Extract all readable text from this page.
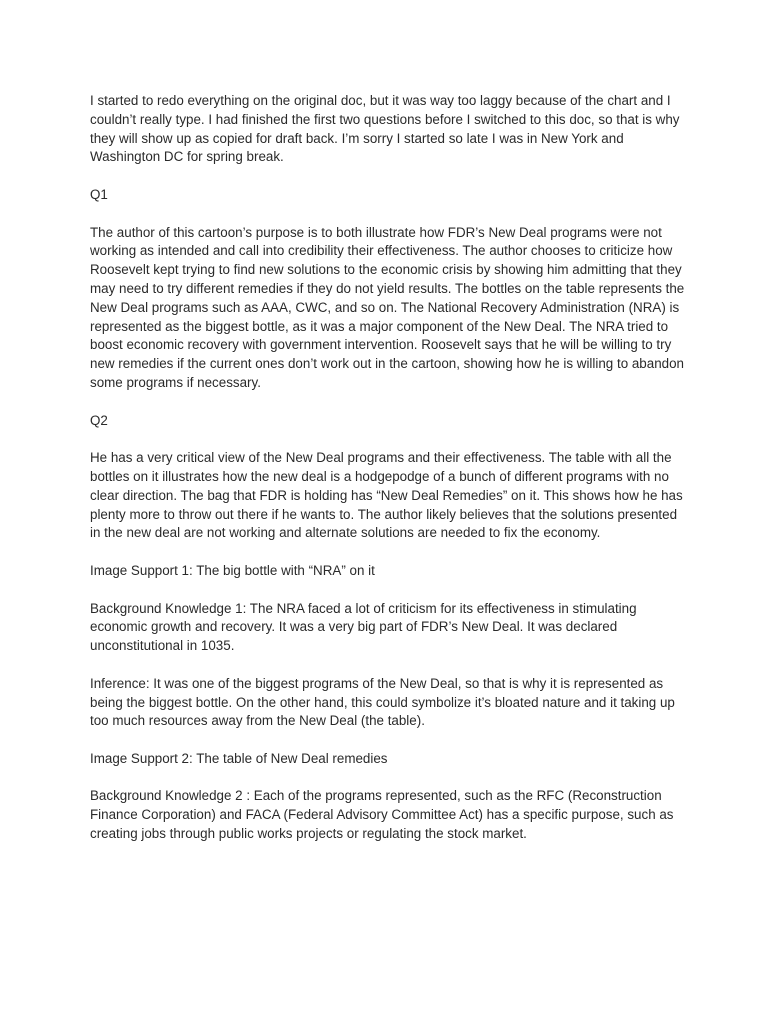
I started to redo everything on the original doc, but it was way too laggy because of the chart and I couldn’t really type. I had finished the first two questions before I switched to this doc, so that is why they will show up as copied for draft back. I’m sorry I started so late I was in New York and Washington DC for spring break.

Q1

The author of this cartoon’s purpose is to both illustrate how FDR’s New Deal programs were not working as intended and call into credibility their effectiveness. The author chooses to criticize how Roosevelt kept trying to find new solutions to the economic crisis by showing him admitting that they may need to try different remedies if they do not yield results. The bottles on the table represents the New Deal programs such as AAA, CWC, and so on. The National Recovery Administration (NRA) is represented as the biggest bottle, as it was a major component of the New Deal. The NRA tried to boost economic recovery with government intervention. Roosevelt says that he will be willing to try new remedies if the current ones don’t work out in the cartoon, showing how he is willing to abandon some programs if necessary.

Q2

He has a very critical view of the New Deal programs and their effectiveness. The table with all the bottles on it illustrates how the new deal is a hodgepodge of a bunch of different programs with no clear direction. The bag that FDR is holding has “New Deal Remedies” on it. This shows how he has plenty more to throw out there if he wants to. The author likely believes that the solutions presented in the new deal are not working and alternate solutions are needed to fix the economy.

Image Support 1: The big bottle with “NRA” on it

Background Knowledge 1: The NRA faced a lot of criticism for its effectiveness in stimulating economic growth and recovery. It was a very big part of FDR’s New Deal. It was declared unconstitutional in 1035.

Inference: It was one of the biggest programs of the New Deal, so that is why it is represented as being the biggest bottle. On the other hand, this could symbolize it’s bloated nature and it taking up too much resources away from the New Deal (the table).

Image Support 2: The table of New Deal remedies

Background Knowledge 2 : Each of the programs represented, such as the RFC (Reconstruction Finance Corporation) and FACA (Federal Advisory Committee Act) has a specific purpose, such as creating jobs through public works projects or regulating the stock market.
